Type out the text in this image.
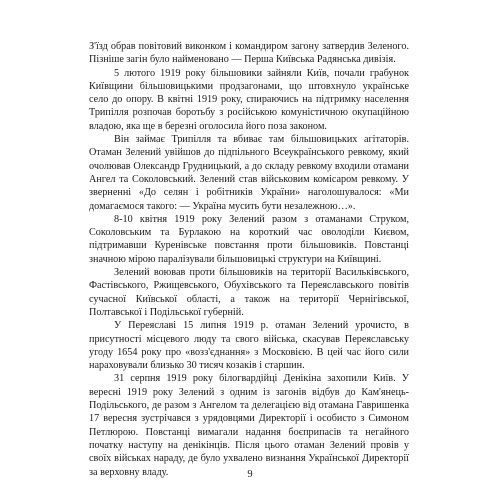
З'їзд обрав повітовий виконком і командиром загону затвердив Зеленого. Пізніше загін було найменовано — Перша Київська Радянська дивізія.

5 лютого 1919 року більшовики зайняли Київ, почали грабунок Київщини більшовицькими продзагонами, що штовхнуло українське село до опору. В квітні 1919 року, спираючись на підтримку населення Трипілля розпочав боротьбу з російською комуністичною окупаційною владою, яка ще в березні оголосила його поза законом.

Він займає Трипілля та вбиває там більшовицьких агітаторів. Отаман Зелений увійшов до підпільного Всеукраїнського ревкому, який очолював Олександр Грудницький, а до складу ревкому входили отамани Ангел та Соколовський. Зелений став військовим комісаром ревкому. У зверненні «До селян і робітників України» наголошувалося: «Ми домагаємося такого: — Україна мусить бути незалежною…».

8-10 квітня 1919 року Зелений разом з отаманами Струком, Соколовським та Бурлакою на короткий час оволоділи Києвом, підтримавши Куренівське повстання проти більшовиків. Повстанці значною мірою паралізували більшовицькі структури на Київщині.

Зелений воював проти більшовиків на території Васильківського, Фастівського, Ржищевського, Обухівського та Переяславського повітів сучасної Київської області, а також на території Чернігівської, Полтавської і Подільської губерній.

У Переяславі 15 липня 1919 р. отаман Зелений урочисто, в присутності місцевого люду та свого війська, скасував Переяславську угоду 1654 року про «возз'єднання» з Московією. В цей час його сили нараховували близько 30 тисяч козаків і старшин.

31 серпня 1919 року білогвардійці Денікіна захопили Київ. У вересні 1919 року Зелений з одним із загонів відбув до Кам'янець-Подільського, де разом з Ангелом та делегацією від отамана Гавришенка 17 вересня зустрічався з урядовцями Директорії і особисто з Симоном Петлюрою. Повстанці вимагали надання боєприпасів та негайного початку наступу на денікінців. Після цього отаман Зелений провів у своїх військах нараду, де було ухвалено визнання Української Директорії за верховну владу.	9
